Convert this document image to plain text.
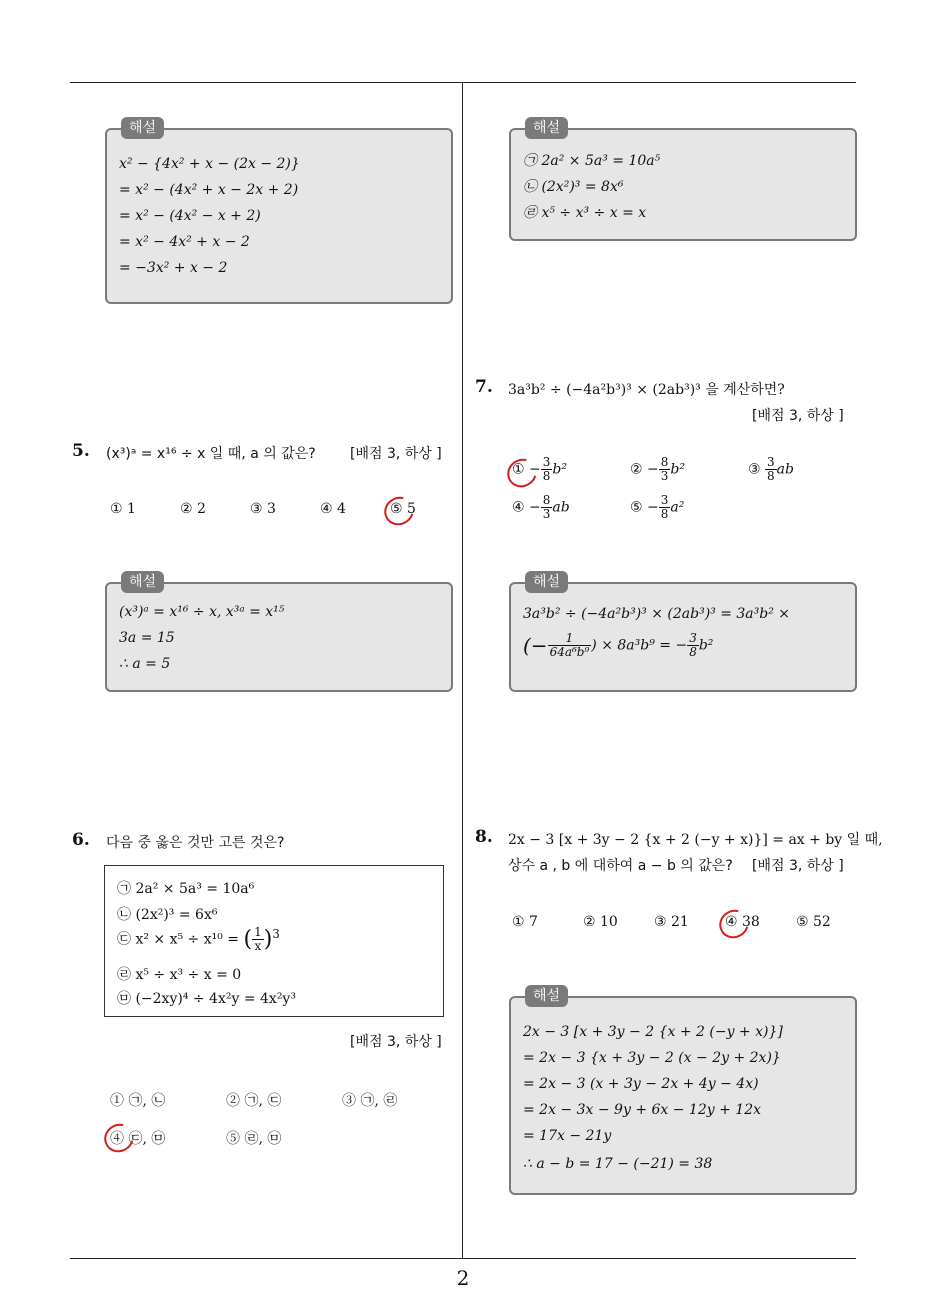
해설
x² − {4x² + x − (2x − 2)}
= x² − (4x² + x − 2x + 2)
= x² − (4x² − x + 2)
= x² − 4x² + x − 2
= −3x² + x − 2
5. (x³)ᵃ = x¹⁶ ÷ x 일 때, a 의 값은? [배점 3, 하상 ]
① 1	② 2	③ 3	④ 4	⑤ 5
해설
(x³)ᵃ = x¹⁶ ÷ x, x³ᵃ = x¹⁵
3a = 15
∴ a = 5
6. 다음 중 옳은 것만 고른 것은?
㉠ 2a² × 5a³ = 10a⁶
㉡ (2x²)³ = 6x⁶
㉢ x² × x⁵ ÷ x¹⁰ = ( $\frac{1}{x} )^3$
㉣ x⁵ ÷ x³ ÷ x = 0
㉤ (−2xy)⁴ ÷ 4x²y = 4x²y³
[배점 3, 하상 ]
① ㉠, ㉡	② ㉠, ㉢	③ ㉠, ㉣
④ ㉢, ㉤	⑤ ㉣, ㉤
해설
㉠ 2a² × 5a³ = 10a⁵
㉡ (2x²)³ = 8x⁶
㉣ x⁵ ÷ x³ ÷ x = x
7. 3a³b² ÷ (−4a²b³)³ × (2ab³)³ 을 계산하면?
[배점 3, 하상 ]
① − $\frac{3}{8} b^2$	② − $\frac{8}{3} b^2$	③ $\frac{3}{8}$ ab
④ − $\frac{8}{3}$ ab	⑤ − $\frac{3}{8} a^2$
해설
3a³b² ÷ (−4a²b³)³ × (2ab³)³ = 3a³b² ×
(− $\frac{1}{\text{64a⁶b⁹}}$ ) × 8a³b⁹ = − $\frac{3}{8} b^2$
8. 2x − 3 [x + 3y − 2 {x + 2 (−y + x)}] = ax + by 일 때,
상수 a , b 에 대하여 a − b 의 값은? [배점 3, 하상 ]
① 7	② 10	③ 21	④ 38	⑤ 52
해설
2x − 3 [x + 3y − 2 {x + 2 (−y + x)}]
= 2x − 3 {x + 3y − 2 (x − 2y + 2x)}
= 2x − 3 (x + 3y − 2x + 4y − 4x)
= 2x − 3x − 9y + 6x − 12y + 12x
= 17x − 21y
∴ a − b = 17 − (−21) = 38
2
